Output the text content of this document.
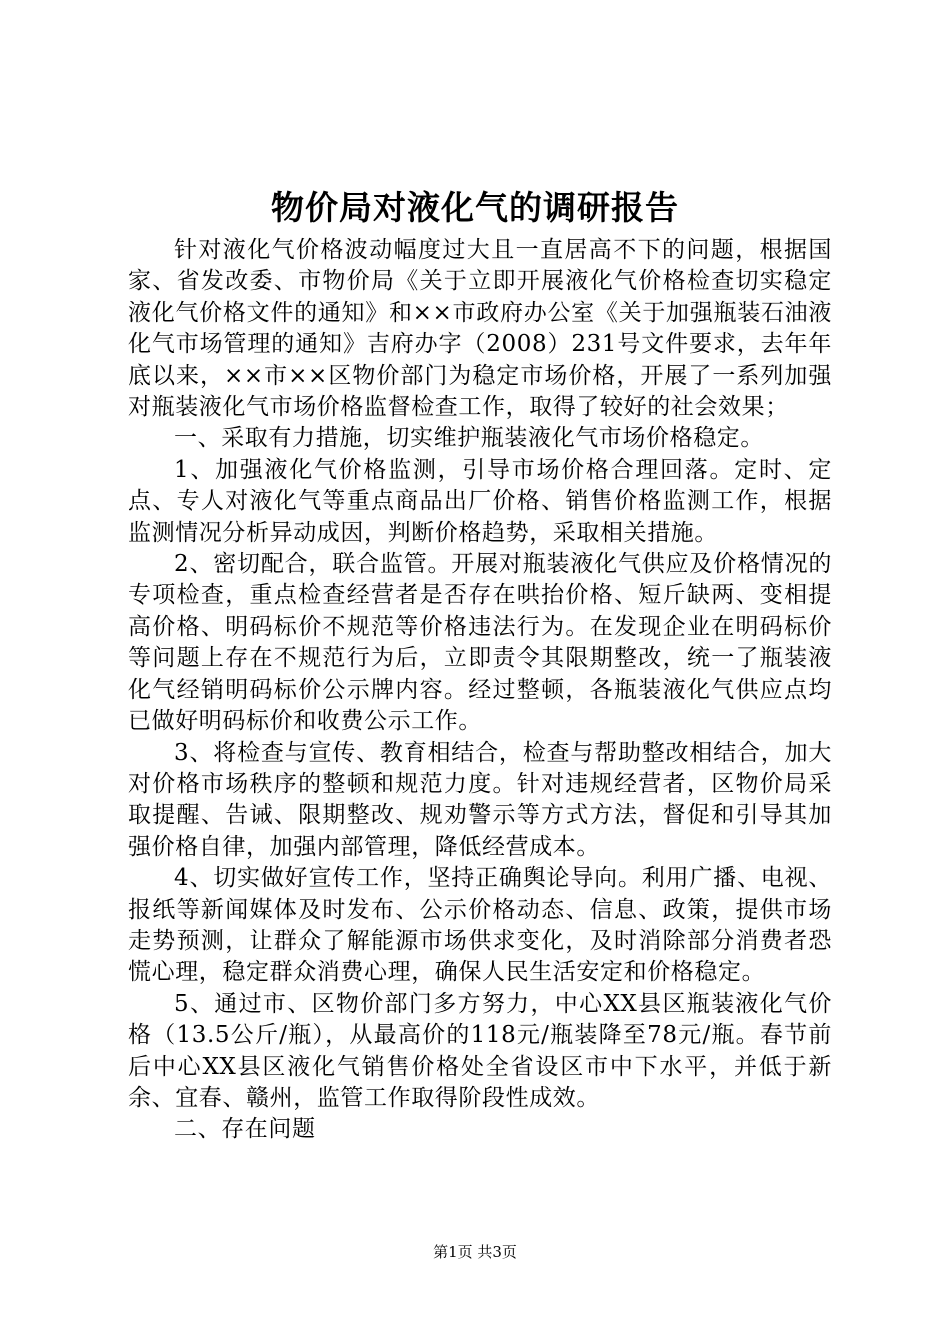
物价局对液化气的调研报告

针对液化气价格波动幅度过大且一直居高不下的问题，根据国家、省发改委、市物价局《关于立即开展液化气价格检查切实稳定液化气价格文件的通知》和××市政府办公室《关于加强瓶装石油液化气市场管理的通知》吉府办字（2008）231号文件要求，去年年底以来，××市××区物价部门为稳定市场价格，开展了一系列加强对瓶装液化气市场价格监督检查工作，取得了较好的社会效果；

一、采取有力措施，切实维护瓶装液化气市场价格稳定。

1、加强液化气价格监测，引导市场价格合理回落。定时、定点、专人对液化气等重点商品出厂价格、销售价格监测工作，根据监测情况分析异动成因，判断价格趋势，采取相关措施。

2、密切配合，联合监管。开展对瓶装液化气供应及价格情况的专项检查，重点检查经营者是否存在哄抬价格、短斤缺两、变相提高价格、明码标价不规范等价格违法行为。在发现企业在明码标价等问题上存在不规范行为后，立即责令其限期整改，统一了瓶装液化气经销明码标价公示牌内容。经过整顿，各瓶装液化气供应点均已做好明码标价和收费公示工作。

3、将检查与宣传、教育相结合，检查与帮助整改相结合，加大对价格市场秩序的整顿和规范力度。针对违规经营者，区物价局采取提醒、告诫、限期整改、规劝警示等方式方法，督促和引导其加强价格自律，加强内部管理，降低经营成本。

4、切实做好宣传工作，坚持正确舆论导向。利用广播、电视、报纸等新闻媒体及时发布、公示价格动态、信息、政策，提供市场走势预测，让群众了解能源市场供求变化，及时消除部分消费者恐慌心理，稳定群众消费心理，确保人民生活安定和价格稳定。

5、通过市、区物价部门多方努力，中心XX县区瓶装液化气价格（13.5公斤/瓶），从最高价的118元/瓶装降至78元/瓶。春节前后中心XX县区液化气销售价格处全省设区市中下水平，并低于新余、宜春、赣州，监管工作取得阶段性成效。

二、存在问题

第1页 共3页
